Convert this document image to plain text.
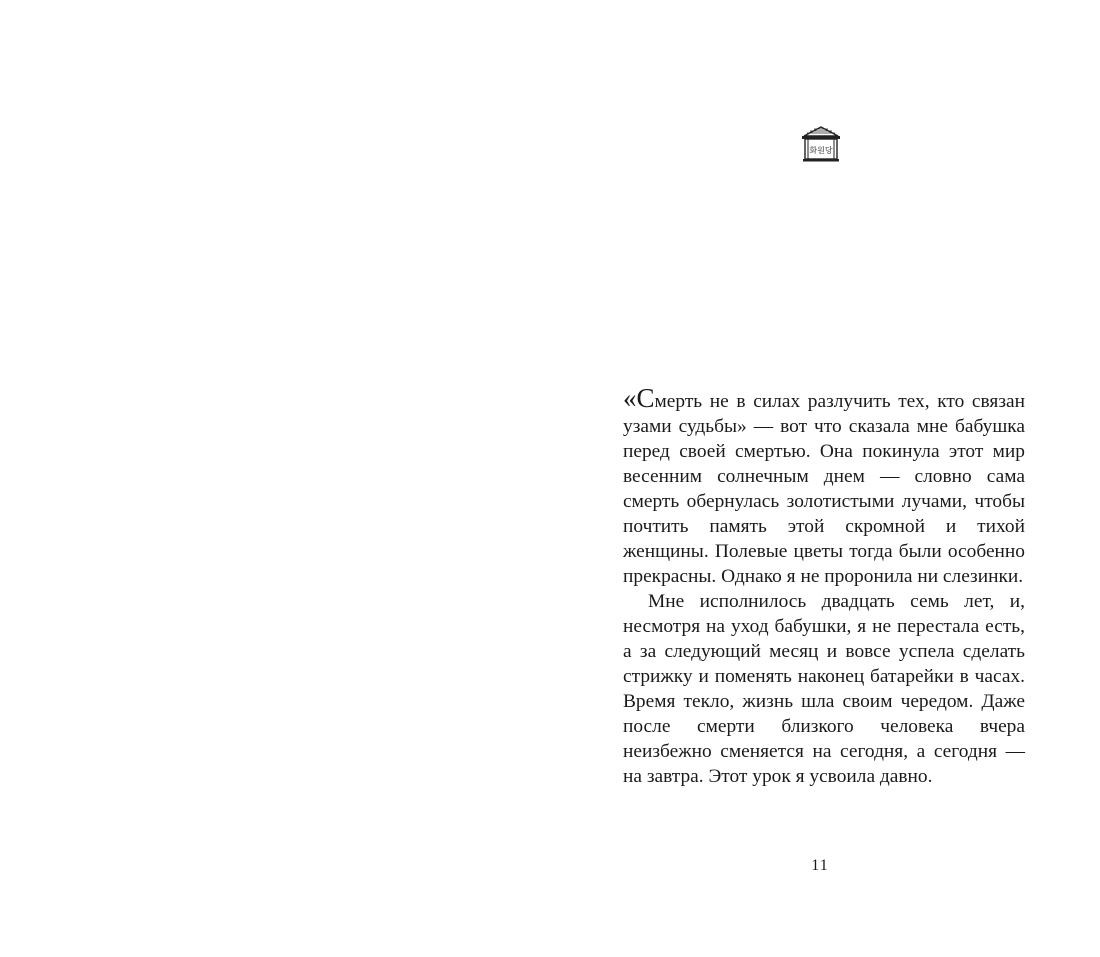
화원당

«Смерть не в силах разлучить тех, кто связан узами судьбы» — вот что сказала мне бабушка перед своей смертью. Она покинула этот мир весенним солнечным днем — словно сама смерть обернулась золотистыми лучами, чтобы почтить память этой скромной и тихой женщины. Полевые цветы тогда были особенно прекрасны. Однако я не проронила ни слезинки.

Мне исполнилось двадцать семь лет, и, несмотря на уход бабушки, я не перестала есть, а за следующий месяц и вовсе успела сделать стрижку и поменять наконец батарейки в часах. Время текло, жизнь шла своим чередом. Даже после смерти близкого человека вчера неизбежно сменяется на сегодня, а сегодня — на завтра. Этот урок я усвоила давно.

11
